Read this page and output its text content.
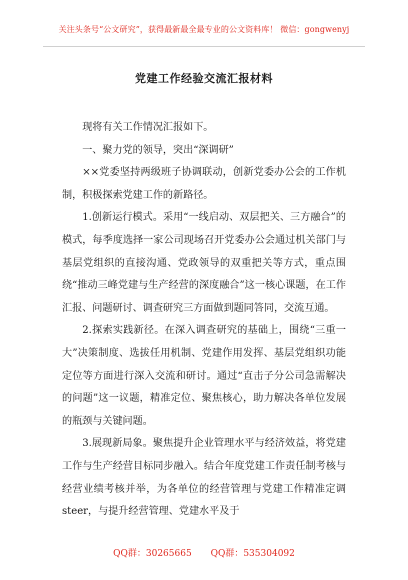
关注头条号“公文研究”，获得最新最全最专业的公文资料库！ 微信：gongwenyj
党建工作经验交流汇报材料

现将有关工作情况汇报如下。

一、聚力党的领导，突出“深调研”

××党委坚持两级班子协调联动，创新党委办公会的工作机制，积极探索党建工作的新路径。

1.创新运行模式。采用“一线启动、双层把关、三方融合”的模式，每季度选择一家公司现场召开党委办公会通过机关部门与基层党组织的直接沟通、党政领导的双重把关等方式，重点围绕“推动三峰党建与生产经营的深度融合”这一核心课题，在工作汇报、问题研讨、调查研究三方面做到题同答同，交流互通。

2.探索实践新径。在深入调查研究的基础上，围绕“三重一大”决策制度、选拔任用机制、党建作用发挥、基层党组织功能定位等方面进行深入交流和研讨。通过“直击子分公司急需解决的问题”这一议题，精准定位、聚焦核心，助力解决各单位发展的瓶颈与关键问题。

3.展现新局象。聚焦提升企业管理水平与经济效益，将党建工作与生产经营目标同步融入。结合年度党建工作责任制考核与经营业绩考核并举，为各单位的经营管理与党建工作精准定调steer，与提升经营管理、党建水平及于

QQ群：30265665 QQ群：535304092
